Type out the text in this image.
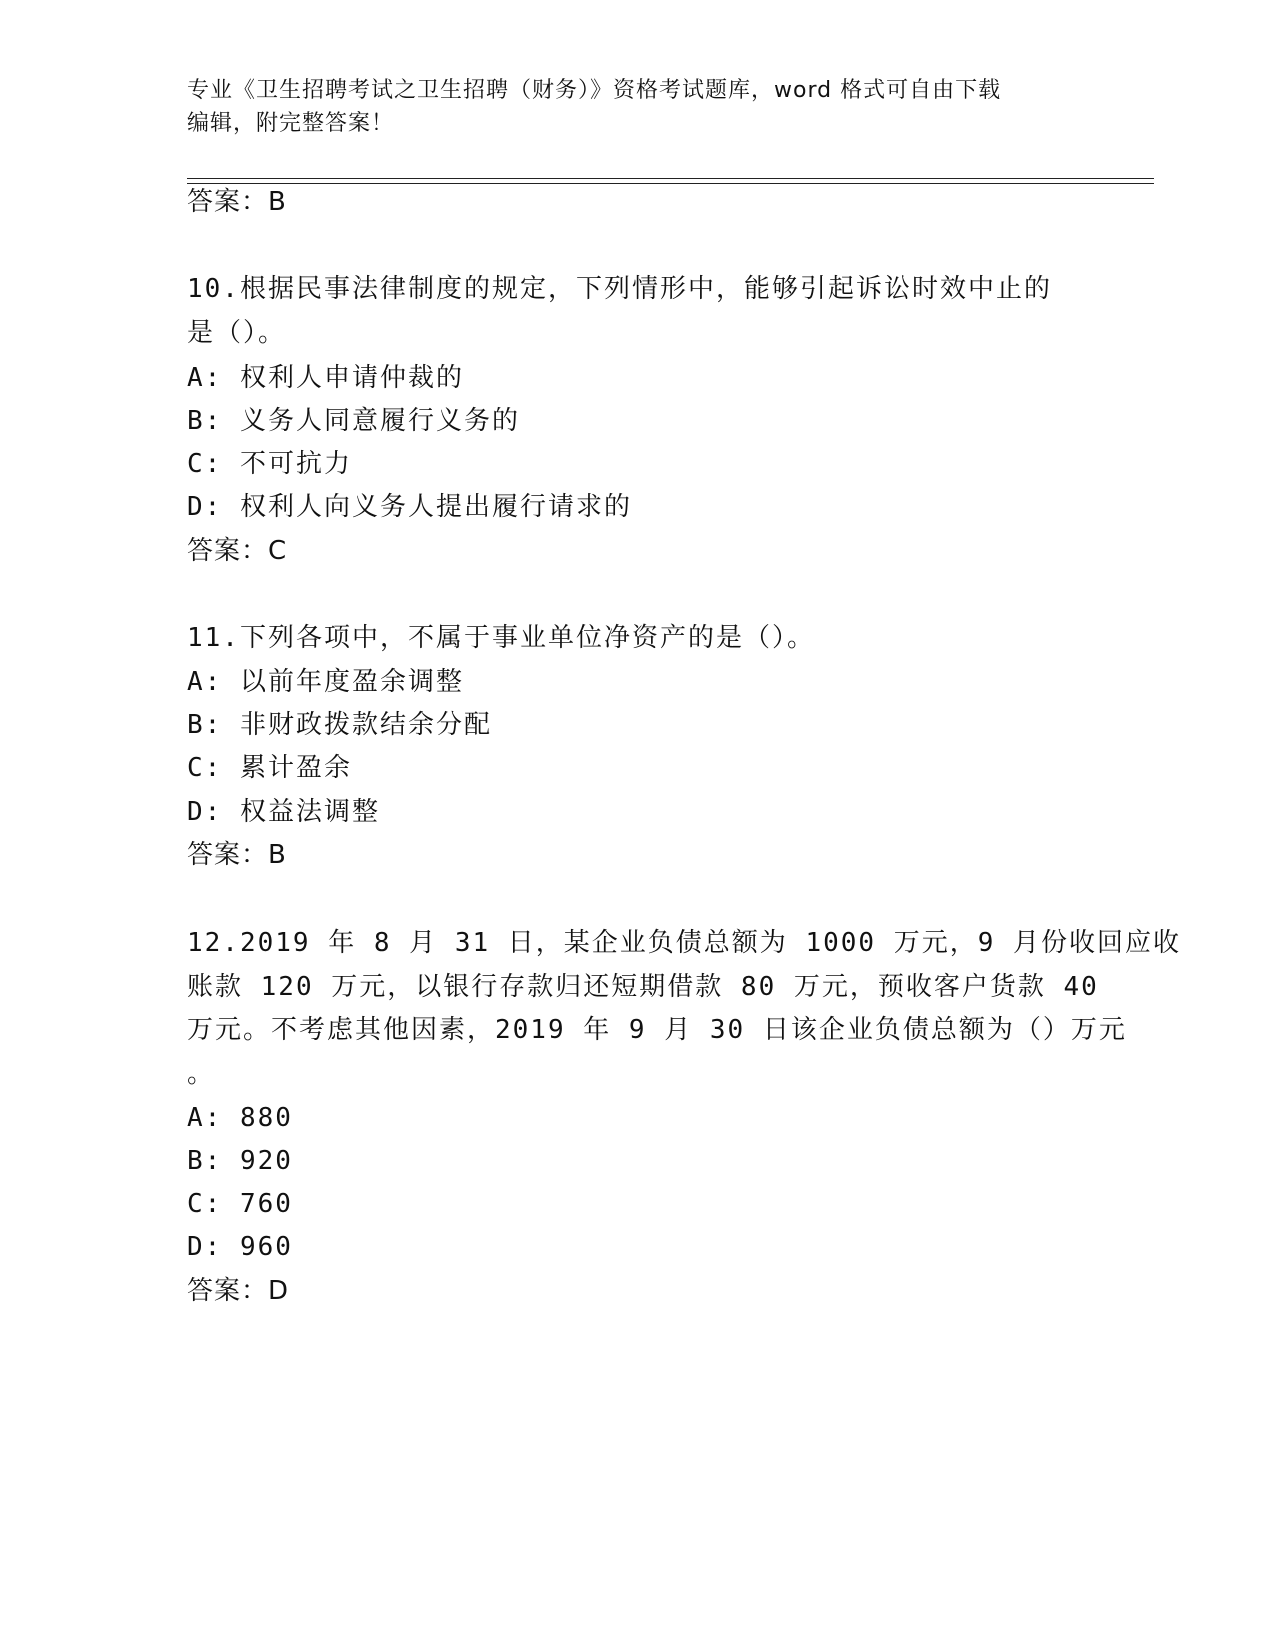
专业《卫生招聘考试之卫生招聘（财务）》资格考试题库，word 格式可自由下载
编辑，附完整答案！
答案：B
10.根据民事法律制度的规定，下列情形中，能够引起诉讼时效中止的
是（）。
A: 权利人申请仲裁的
B: 义务人同意履行义务的
C: 不可抗力
D: 权利人向义务人提出履行请求的
答案：C
11.下列各项中，不属于事业单位净资产的是（）。
A: 以前年度盈余调整
B: 非财政拨款结余分配
C: 累计盈余
D: 权益法调整
答案：B
12.2019 年 8 月 31 日，某企业负债总额为 1000 万元，9 月份收回应收
账款 120 万元，以银行存款归还短期借款 80 万元，预收客户货款 40
万元。不考虑其他因素，2019 年 9 月 30 日该企业负债总额为（）万元
。
A: 880
B: 920
C: 760
D: 960
答案：D
